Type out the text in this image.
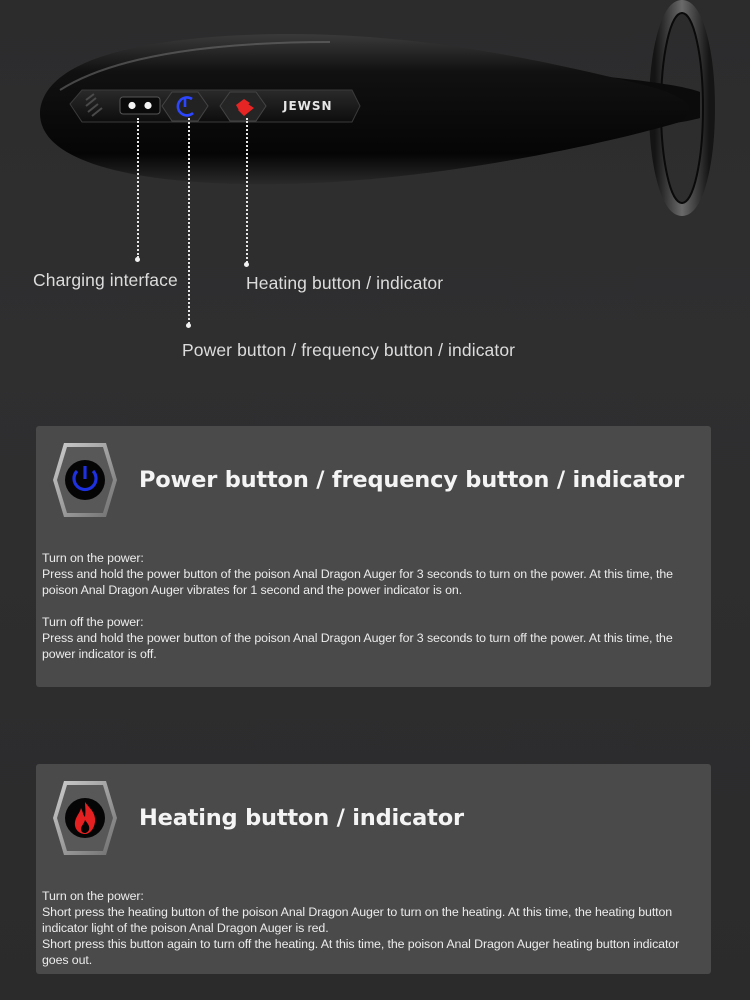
JEWSN
Charging interface	Heating button / indicator
Power button / frequency button / indicator
Power button / frequency button / indicator

Turn on the power:

Press and hold the power button of the poison Anal Dragon Auger for 3 seconds to turn on the power. At this time, the poison Anal Dragon Auger vibrates for 1 second and the power indicator is on.

Turn off the power:

Press and hold the power button of the poison Anal Dragon Auger for 3 seconds to turn off the power. At this time, the power indicator is off.

Heating button / indicator

Turn on the power:

Short press the heating button of the poison Anal Dragon Auger to turn on the heating. At this time, the heating button indicator light of the poison Anal Dragon Auger is red.

Short press this button again to turn off the heating. At this time, the poison Anal Dragon Auger heating button indicator goes out.
